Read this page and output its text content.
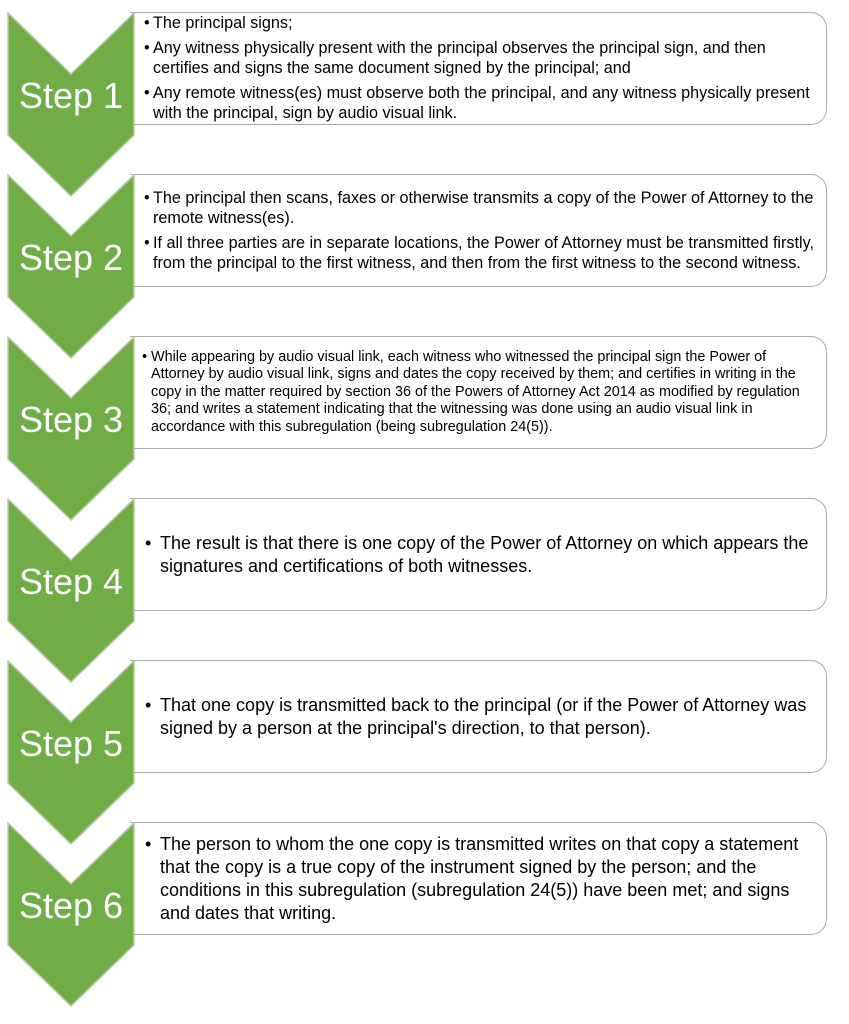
• The principal signs;
• Any witness physically present with the principal observes the principal sign, and then certifies and signs the same document signed by the principal; and
• Any remote witness(es) must observe both the principal, and any witness physically present with the principal, sign by audio visual link.
Step 1
• The principal then scans, faxes or otherwise transmits a copy of the Power of Attorney to the remote witness(es).
• If all three parties are in separate locations, the Power of Attorney must be transmitted firstly, from the principal to the first witness, and then from the first witness to the second witness.
Step 2
• While appearing by audio visual link, each witness who witnessed the principal sign the Power of Attorney by audio visual link, signs and dates the copy received by them; and certifies in writing in the copy in the matter required by section 36 of the Powers of Attorney Act 2014 as modified by regulation 36; and writes a statement indicating that the witnessing was done using an audio visual link in accordance with this subregulation (being subregulation 24(5)).
Step 3
• The result is that there is one copy of the Power of Attorney on which appears the signatures and certifications of both witnesses.
Step 4
• That one copy is transmitted back to the principal (or if the Power of Attorney was signed by a person at the principal's direction, to that person).
Step 5
• The person to whom the one copy is transmitted writes on that copy a statement that the copy is a true copy of the instrument signed by the person; and the conditions in this subregulation (subregulation 24(5)) have been met; and signs and dates that writing.
Step 6
